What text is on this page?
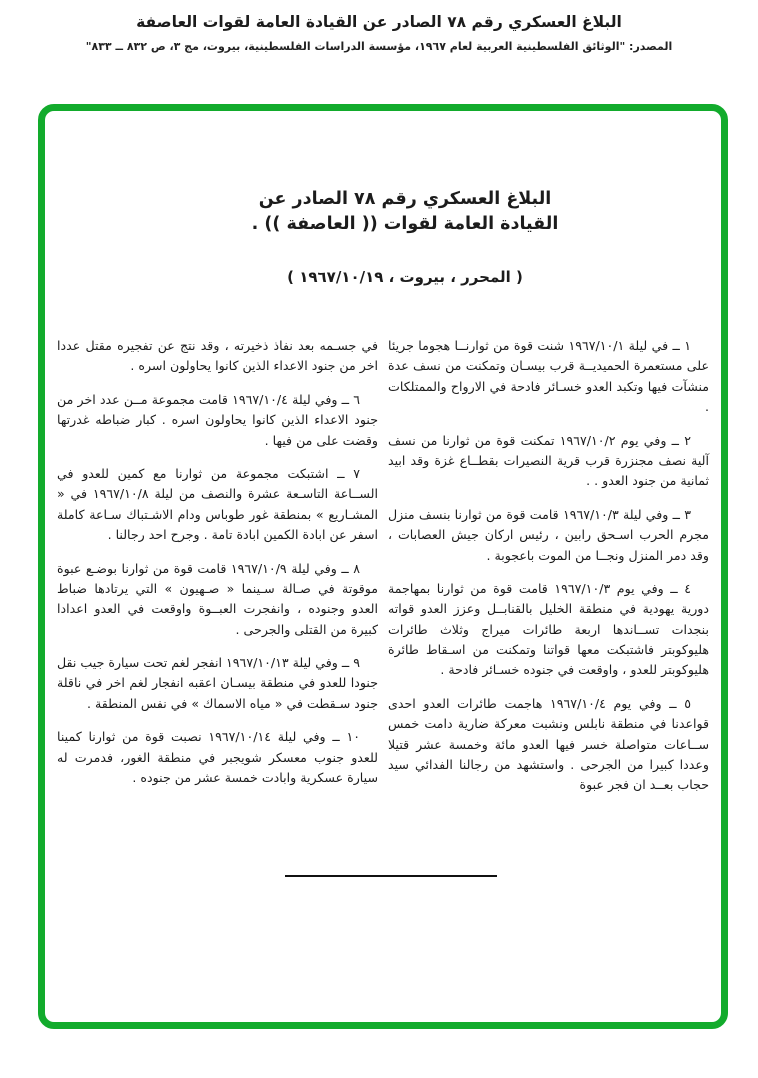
البلاغ العسكري رقم ٧٨ الصادر عن القيادة العامة لقوات العاصفة
المصدر: "الوثائق الفلسطينية العربية لعام ١٩٦٧، مؤسسة الدراسات الفلسطينية، بيروت، مج ٣، ص ٨٣٢ ــ ٨٣٣"
البلاغ العسكري رقم ٧٨ الصادر عن
القيادة العامة لقوات (( العاصفة )) .
( المحرر ، بيروت ، ١٩٦٧/١٠/١٩ )

١ ــ في ليلة ١٩٦٧/١٠/١ شنت قوة من ثوارنــا هجوما جريئا على مستعمرة الحميديــة قرب بيسـان وتمكنت من نسف عدة منشآت فيها وتكبد العدو خسـائر فادحة في الارواح والممتلكات .

٢ ــ وفي يوم ١٩٦٧/١٠/٢ تمكنت قوة من ثوارنا من نسف آلية نصف مجنزرة قرب قرية النصيرات بقطــاع غزة وقد ابيد ثمانية من جنود العدو . .

٣ ــ وفي ليلة ١٩٦٧/١٠/٣ قامت قوة من ثوارنا بنسف منزل مجرم الحرب اسـحق رابين ، رئيس اركان جيش العصابات ، وقد دمر المنزل ونجــا من الموت باعجوبة .

٤ ــ وفي يوم ١٩٦٧/١٠/٣ قامت قوة من ثوارنا بمهاجمة دورية يهودية في منطقة الخليل بالقنابــل وعزز العدو قواته بنجدات تســاندها اربعة طائرات ميراج وثلاث طائرات هليوكوبتر فاشتبكت معها قواتنا وتمكنت من اسـقاط طائرة هليوكوبتر للعدو ، واوقعت في جنوده خسـائر فادحة .

٥ ــ وفي يوم ١٩٦٧/١٠/٤ هاجمت طائرات العدو احدى قواعدنا في منطقة نابلس ونشبت معركة ضارية دامت خمس ســاعات متواصلة خسر فيها العدو مائة وخمسة عشر قتيلا وعددا كبيرا من الجرحى . واستشهد من رجالنا الفدائي سيد حجاب بعــد ان فجر عبوة

في جسـمه بعد نفاذ ذخيرته ، وقد نتج عن تفجيره مقتل عددا اخر من جنود الاعداء الذين كانوا يحاولون اسره .

٦ ــ وفي ليلة ١٩٦٧/١٠/٤ قامت مجموعة مــن عدد اخر من جنود الاعداء الذين كانوا يحاولون اسره . كبار ضباطه غدرتها وقضت على من فيها .

٧ ــ اشتبكت مجموعة من ثوارنا مع كمين للعدو في الســاعة التاسـعة عشرة والنصف من ليلة ١٩٦٧/١٠/٨ في « المشـاريع » بمنطقة غور طوباس ودام الاشـتباك سـاعة كاملة اسفر عن ابادة الكمين ابادة تامة . وجرح احد رجالنا .

٨ ــ وفي ليلة ١٩٦٧/١٠/٩ قامت قوة من ثوارنا بوضـع عبوة موقوتة في صـالة سـينما « صـهيون » التي يرتادها ضباط العدو وجنوده ، وانفجرت العبــوة واوقعت في العدو اعدادا كبيرة من القتلى والجرحى .

٩ ــ وفي ليلة ١٩٦٧/١٠/١٣ انفجر لغم تحت سيارة جيب نقل جنودا للعدو في منطقة بيسـان اعقبه انفجار لغم اخر في ناقلة جنود سـقطت في « مياه الاسماك » في نفس المنطقة .

١٠ ــ وفي ليلة ١٩٦٧/١٠/١٤ نصبت قوة من ثوارنا كمينا للعدو جنوب معسكر شويجبر في منطقة الغور، فدمرت له سيارة عسكرية وابادت خمسة عشر من جنوده .
